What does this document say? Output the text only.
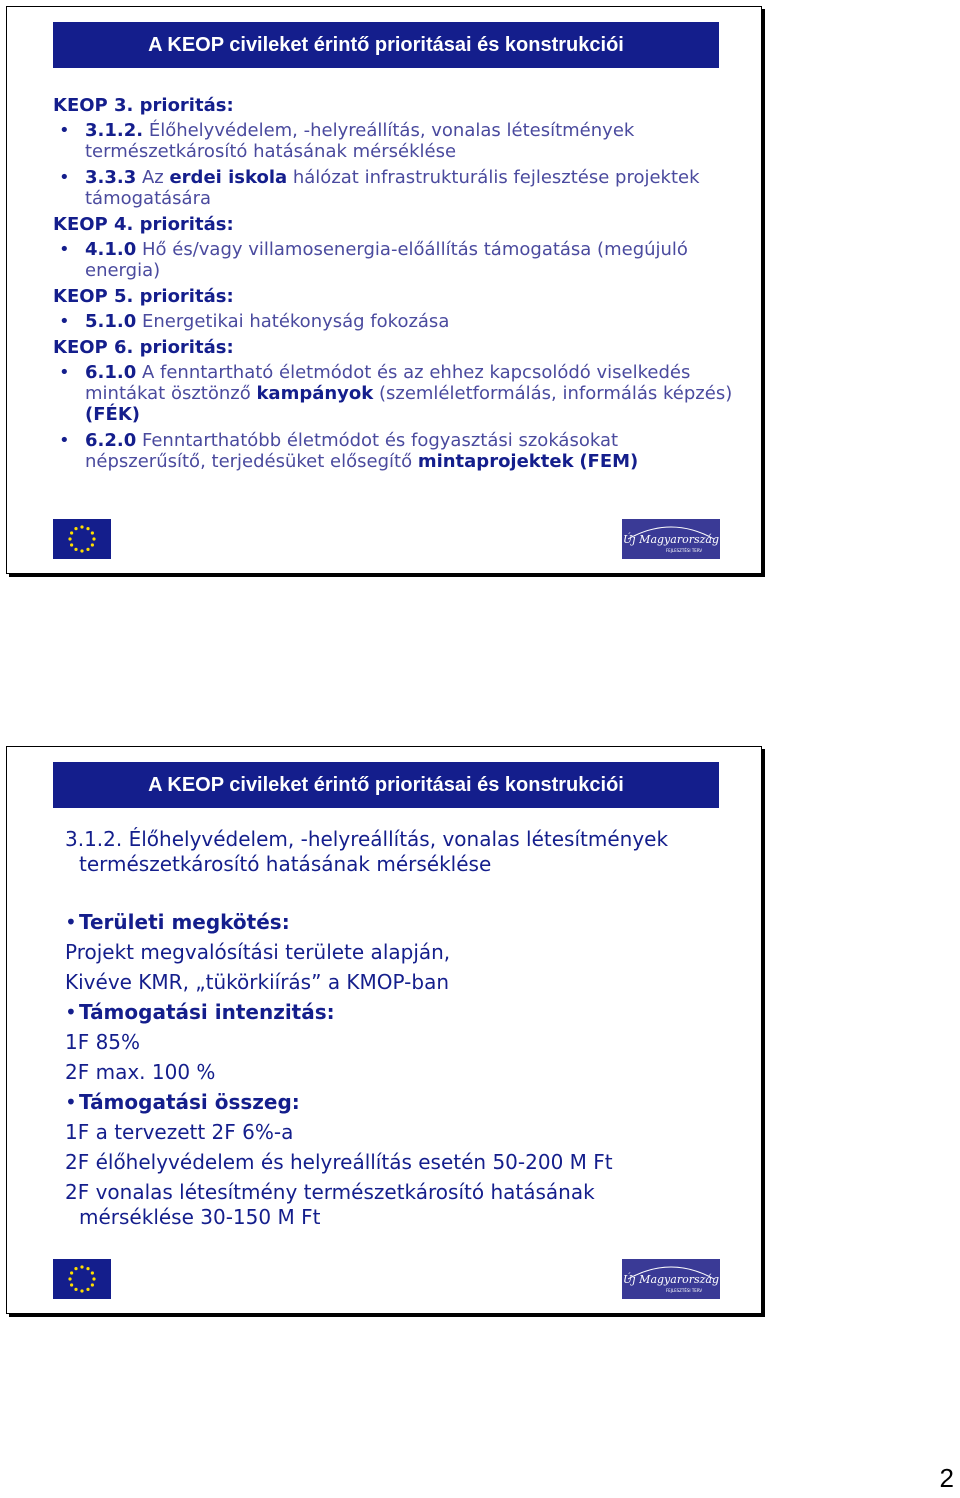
A KEOP civileket érintő prioritásai és konstrukciói
KEOP 3. prioritás:
• 3.1.2. Élőhelyvédelem, -helyreállítás, vonalas létesítmények természetkárosító hatásának mérséklése
• 3.3.3 Az erdei iskola hálózat infrastrukturális fejlesztése projektek támogatására
KEOP 4. prioritás:
• 4.1.0 Hő és/vagy villamosenergia-előállítás támogatása (megújuló energia)
KEOP 5. prioritás:
• 5.1.0 Energetikai hatékonyság fokozása
KEOP 6. prioritás:
• 6.1.0 A fenntartható életmódot és az ehhez kapcsolódó viselkedés mintákat ösztönző kampányok (szemléletformálás, informálás képzés) (FÉK)
• 6.2.0 Fenntarthatóbb életmódot és fogyasztási szokásokat népszerűsítő, terjedésüket elősegítő mintaprojektek (FEM)
Új Magyarország
FEJLESZTÉSI TERV
A KEOP civileket érintő prioritásai és konstrukciói
3.1.2. Élőhelyvédelem, -helyreállítás, vonalas létesítmények
természetkárosító hatásának mérséklése
• Területi megkötés:
Projekt megvalósítási területe alapján,
Kivéve KMR, „tükörkiírás” a KMOP-ban
• Támogatási intenzitás:
1F 85%
2F max. 100 %
• Támogatási összeg:
1F a tervezett 2F 6%-a
2F élőhelyvédelem és helyreállítás esetén 50-200 M Ft
2F vonalas létesítmény természetkárosító hatásának
mérséklése 30-150 M Ft
Új Magyarország
FEJLESZTÉSI TERV
2
